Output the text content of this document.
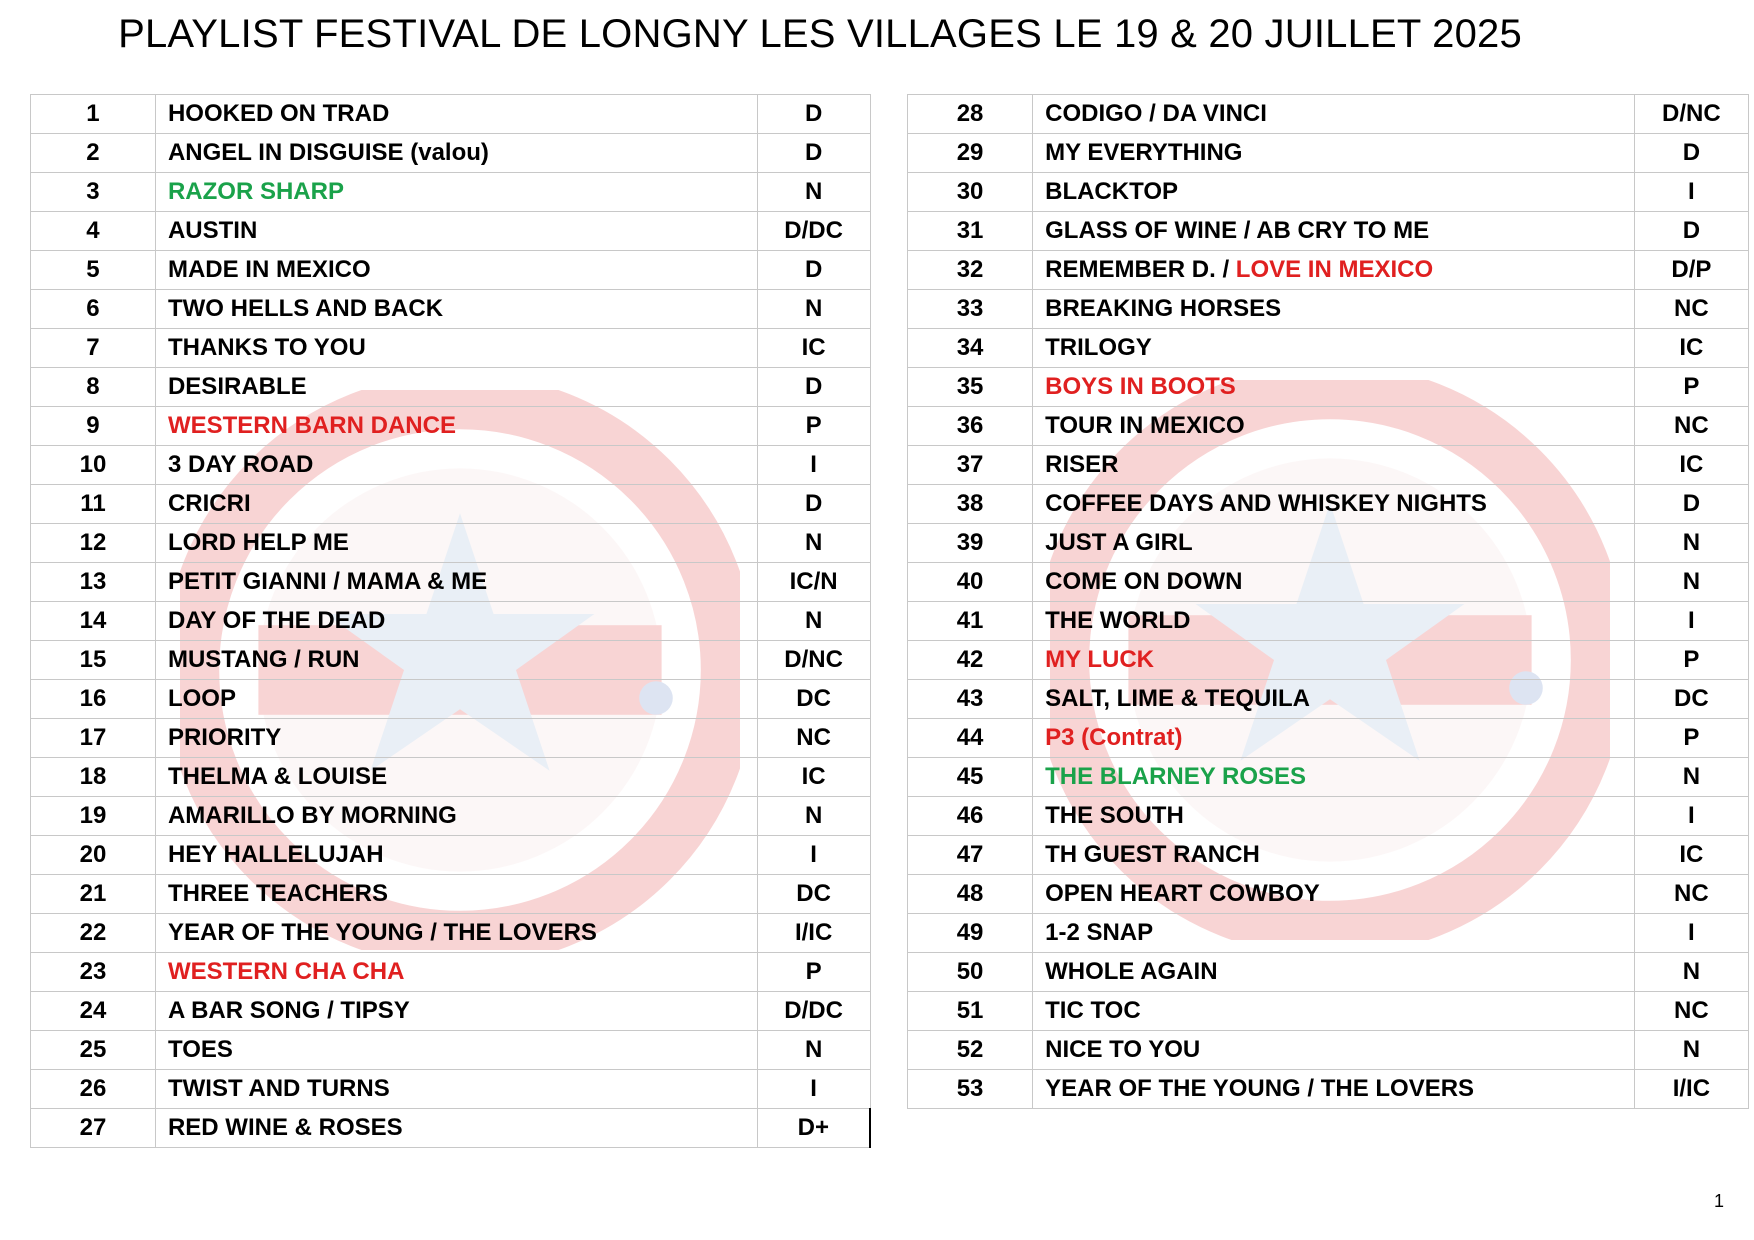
PLAYLIST FESTIVAL DE LONGNY LES VILLAGES LE 19 & 20 JUILLET 2025
1	HOOKED ON TRAD	D
2	ANGEL IN DISGUISE (valou)	D
3	RAZOR SHARP	N
4	AUSTIN	D/DC
5	MADE IN MEXICO	D
6	TWO HELLS AND BACK	N
7	THANKS TO YOU	IC
8	DESIRABLE	D
9	WESTERN BARN DANCE	P
10	3 DAY ROAD	I
11	CRICRI	D
12	LORD HELP ME	N
13	PETIT GIANNI / MAMA & ME	IC/N
14	DAY OF THE DEAD	N
15	MUSTANG / RUN	D/NC
16	LOOP	DC
17	PRIORITY	NC
18	THELMA & LOUISE	IC
19	AMARILLO BY MORNING	N
20	HEY HALLELUJAH	I
21	THREE TEACHERS	DC
22	YEAR OF THE YOUNG / THE LOVERS	I/IC
23	WESTERN CHA CHA	P
24	A BAR SONG / TIPSY	D/DC
25	TOES	N
26	TWIST AND TURNS	I
27	RED WINE & ROSES	D+
28	CODIGO / DA VINCI	D/NC
29	MY EVERYTHING	D
30	BLACKTOP	I
31	GLASS OF WINE / AB CRY TO ME	D
32	REMEMBER D. / LOVE IN MEXICO	D/P
33	BREAKING HORSES	NC
34	TRILOGY	IC
35	BOYS IN BOOTS	P
36	TOUR IN MEXICO	NC
37	RISER	IC
38	COFFEE DAYS AND WHISKEY NIGHTS	D
39	JUST A GIRL	N
40	COME ON DOWN	N
41	THE WORLD	I
42	MY LUCK	P
43	SALT, LIME & TEQUILA	DC
44	P3 (Contrat)	P
45	THE BLARNEY ROSES	N
46	THE SOUTH	I
47	TH GUEST RANCH	IC
48	OPEN HEART COWBOY	NC
49	1-2 SNAP	I
50	WHOLE AGAIN	N
51	TIC TOC	NC
52	NICE TO YOU	N
53	YEAR OF THE YOUNG / THE LOVERS	I/IC
1
